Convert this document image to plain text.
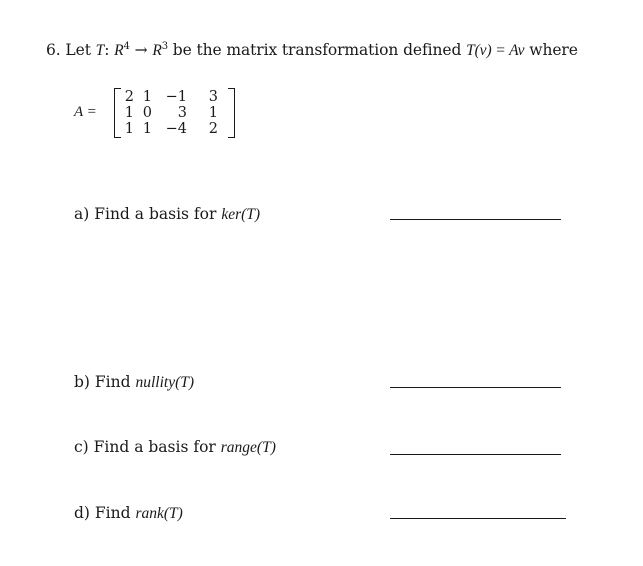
6. Let T: $R^4 \to R^3$ be the matrix transformation defined T(v) = Av where
A =
2 1 −1	3
1 0	3	1
1 1 −4	2
a) Find a basis for ker(T)
b) Find nullity(T)
c) Find a basis for range(T)
d) Find rank(T)
